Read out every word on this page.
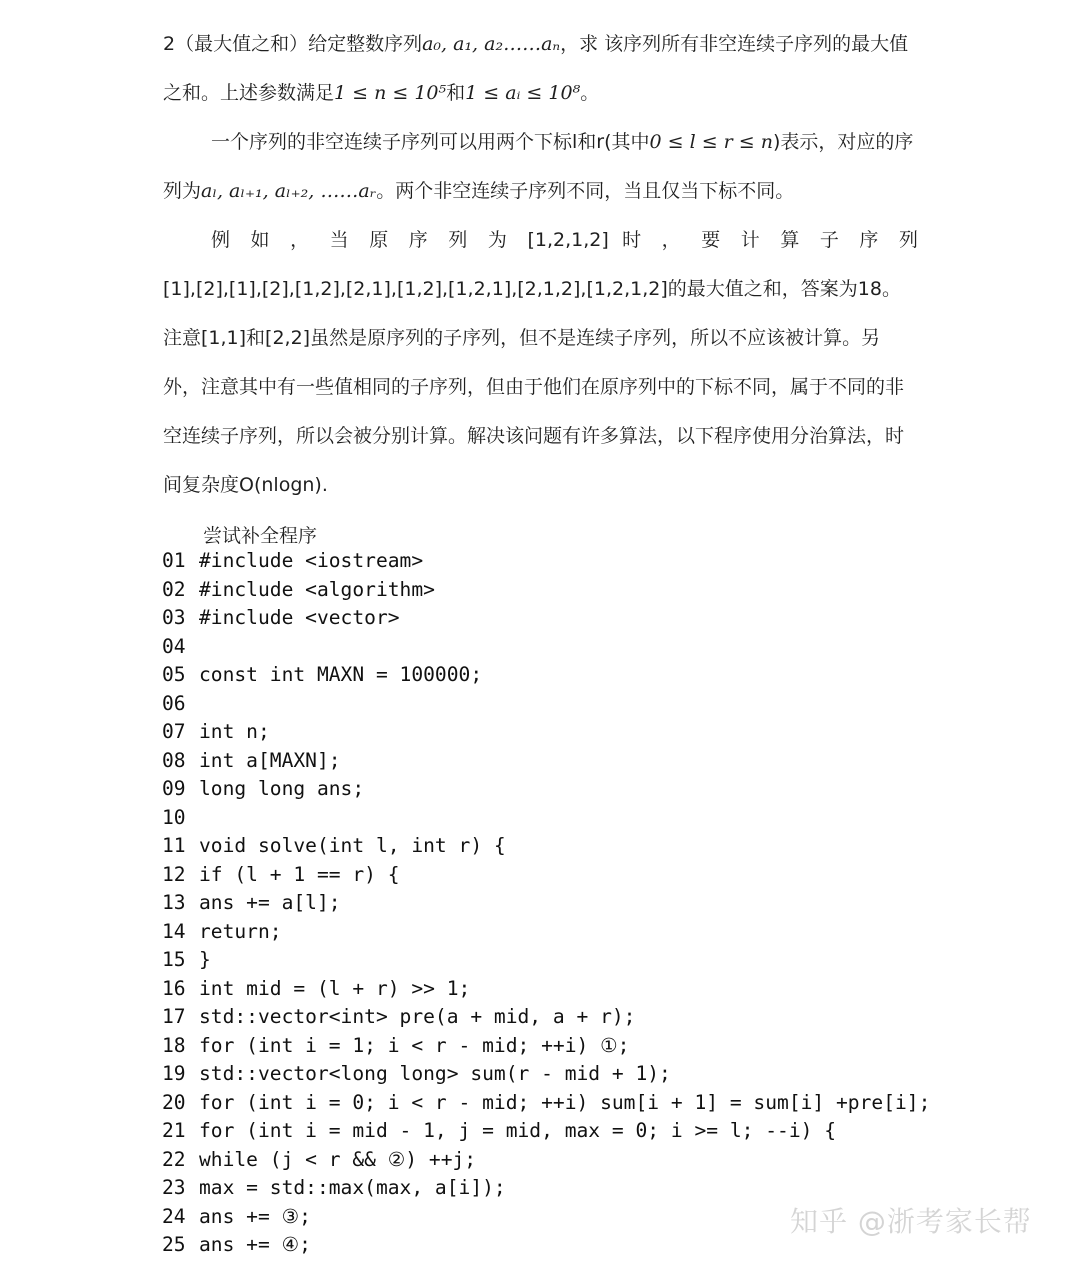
2（最大值之和）给定整数序列a₀, a₁, a₂……aₙ，求 该序列所有非空连续子序列的最大值之和。上述参数满足1 ≤ n ≤ 10⁵和1 ≤ aᵢ ≤ 10⁸。

一个序列的非空连续子序列可以用两个下标l和r(其中0 ≤ l ≤ r ≤ n)表示，对应的序列为aₗ, aₗ₊₁, aₗ₊₂, ……aᵣ。两个非空连续子序列不同，当且仅当下标不同。

例 如 ， 当 原 序 列 为 [1,2,1,2] 时 ， 要 计 算 子 序 列

[1],[2],[1],[2],[1,2],[2,1],[1,2],[1,2,1],[2,1,2],[1,2,1,2]的最大值之和，答案为18。注意[1,1]和[2,2]虽然是原序列的子序列，但不是连续子序列，所以不应该被计算。另外，注意其中有一些值相同的子序列，但由于他们在原序列中的下标不同，属于不同的非空连续子序列，所以会被分别计算。解决该问题有许多算法，以下程序使用分治算法，时间复杂度O(nlogn).

尝试补全程序
01 #include <iostream>
02 #include <algorithm>
03 #include <vector>
04
05 const int MAXN = 100000;
06
07 int n;
08 int a[MAXN];
09 long long ans;
10
11 void solve(int l, int r) {
12 if (l + 1 == r) {
13 ans += a[l];
14 return;
15 }
16 int mid = (l + r) >> 1;
17 std::vector<int> pre(a + mid, a + r);
18 for (int i = 1; i < r - mid; ++i) ①;
19 std::vector<long long> sum(r - mid + 1);
20 for (int i = 0; i < r - mid; ++i) sum[i + 1] = sum[i] +pre[i];
21 for (int i = mid - 1, j = mid, max = 0; i >= l; --i) {
22 while (j < r && ②) ++j;
23 max = std::max(max, a[i]);
24 ans += ③;
25 ans += ④;
知乎 @浙考家长帮
